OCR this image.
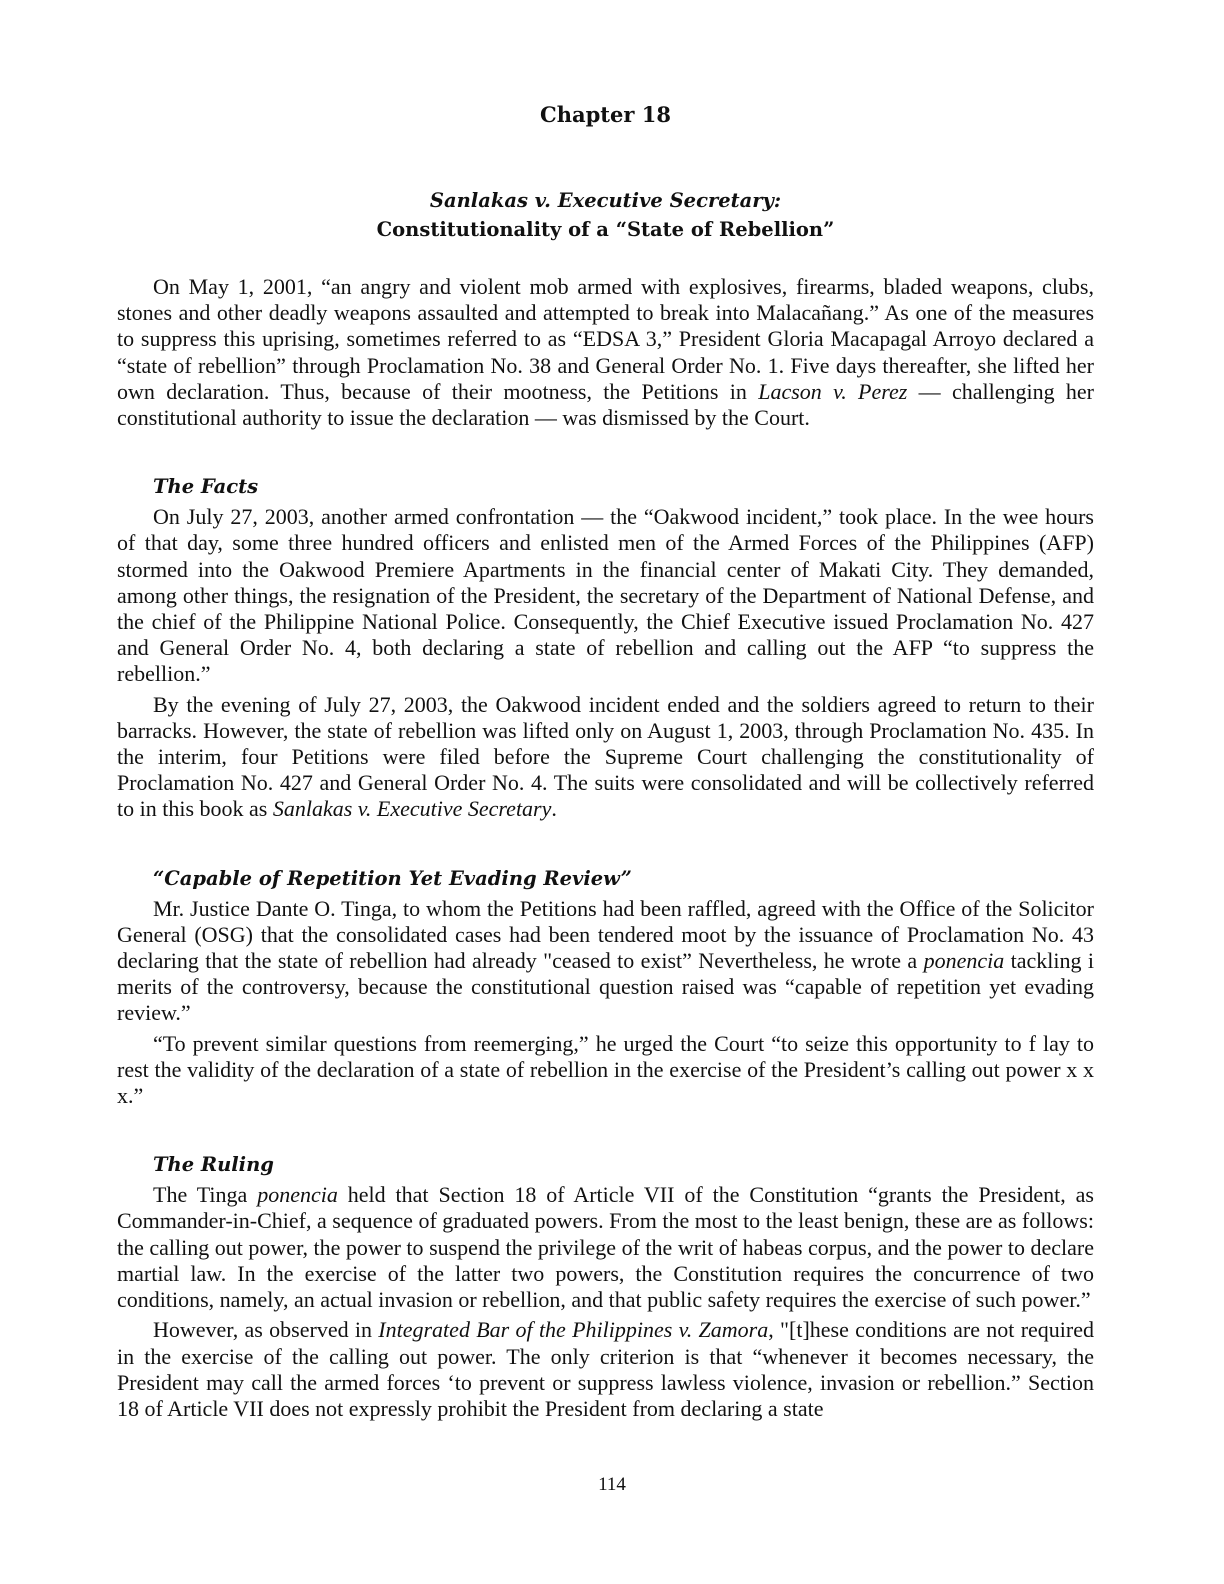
Chapter 18
Sanlakas v. Executive Secretary:
Constitutionality of a “State of Rebellion”

On May 1, 2001, “an angry and violent mob armed with explosives, firearms, bladed weapons, clubs, stones and other deadly weapons assaulted and attempted to break into Malacañang.” As one of the measures to suppress this uprising, sometimes referred to as “EDSA 3,” President Gloria Macapagal Arroyo declared a “state of rebellion” through Proclamation No. 38 and General Order No. 1. Five days thereafter, she lifted her own declaration. Thus, because of their mootness, the Petitions in Lacson v. Perez — challenging her constitutional authority to issue the declaration — was dismissed by the Court.

The Facts

On July 27, 2003, another armed confrontation — the “Oakwood incident,” took place. In the wee hours of that day, some three hundred officers and enlisted men of the Armed Forces of the Philippines (AFP) stormed into the Oakwood Premiere Apartments in the financial center of Makati City. They demanded, among other things, the resignation of the President, the secretary of the Department of National Defense, and the chief of the Philippine National Police. Consequently, the Chief Executive issued Proclamation No. 427 and General Order No. 4, both declaring a state of rebellion and calling out the AFP “to suppress the rebellion.”

By the evening of July 27, 2003, the Oakwood incident ended and the soldiers agreed to return to their barracks. However, the state of rebellion was lifted only on August 1, 2003, through Proclamation No. 435. In the interim, four Petitions were filed before the Supreme Court challenging the constitutionality of Proclamation No. 427 and General Order No. 4. The suits were consolidated and will be collectively referred to in this book as Sanlakas v. Executive Secretary.

“Capable of Repetition Yet Evading Review”

Mr. Justice Dante O. Tinga, to whom the Petitions had been raffled, agreed with the Office of the Solicitor General (OSG) that the consolidated cases had been tendered moot by the issuance of Proclamation No. 43 declaring that the state of rebellion had already "ceased to exist” Nevertheless, he wrote a ponencia tackling i merits of the controversy, because the constitutional question raised was “capable of repetition yet evading review.”

“To prevent similar questions from reemerging,” he urged the Court “to seize this opportunity to f lay to rest the validity of the declaration of a state of rebellion in the exercise of the President’s calling out power x x x.”

The Ruling

The Tinga ponencia held that Section 18 of Article VII of the Constitution “grants the President, as Commander-in-Chief, a sequence of graduated powers. From the most to the least benign, these are as follows: the calling out power, the power to suspend the privilege of the writ of habeas corpus, and the power to declare martial law. In the exercise of the latter two powers, the Constitution requires the concurrence of two conditions, namely, an actual invasion or rebellion, and that public safety requires the exercise of such power.”

However, as observed in Integrated Bar of the Philippines v. Zamora, "[t]hese conditions are not required in the exercise of the calling out power. The only criterion is that “whenever it becomes necessary, the President may call the armed forces ‘to prevent or suppress lawless violence, invasion or rebellion.” Section 18 of Article VII does not expressly prohibit the President from declaring a state

114
